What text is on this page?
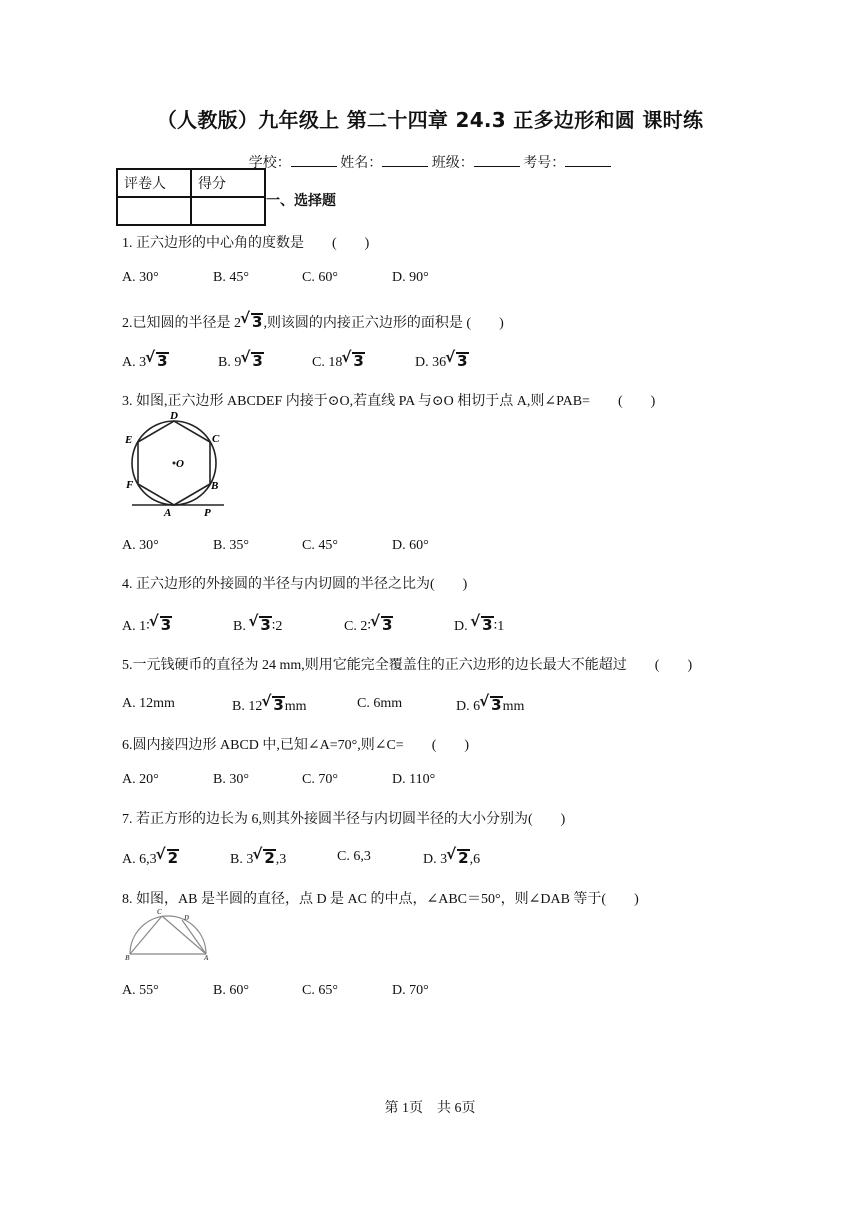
（人教版）九年级上 第二十四章 24.3 正多边形和圆 课时练
学校：	姓名：	班级：	考号：
评卷人	得分

一、选择题
1. 正六边形的中心角的度数是　　(　　)
A. 30°	B. 45°	C. 60°	D. 90°
2.已知圆的半径是 2 √ 3,则该圆的内接正六边形的面积是 (　　)
A. 3 √ 3	B. 9 √ 3	C. 18 √ 3	D. 36 √ 3
3. 如图,正六边形 ABCDEF 内接于⊙O,若直线 PA 与⊙O 相切于点 A,则∠PAB=　　(　　)
D
E	C
O
F	B
A	P
A. 30°	B. 35°	C. 45°	D. 60°
4. 正六边形的外接圆的半径与内切圆的半径之比为(　　)
A. 1∶ √ 3	B. √ 3∶2	C. 2∶ √ 3	D. √ 3∶1
5.一元钱硬币的直径为 24 mm,则用它能完全覆盖住的正六边形的边长最大不能超过　　(　　)
A. 12mm	B. 12 √ 3mm	C. 6mm	D. 6 √ 3mm
6.圆内接四边形 ABCD 中,已知∠A=70°,则∠C=　　(　　)
A. 20°	B. 30°	C. 70°	D. 110°
7. 若正方形的边长为 6,则其外接圆半径与内切圆半径的大小分别为(　　)
A. 6,3 √ 2	B. 3 √ 2,3	C. 6,3	D. 3 √ 2,6
8. 如图，AB 是半圆的直径，点 D 是 AC 的中点，∠ABC＝50°，则∠DAB 等于(　　)
C
D
B	A
A. 55°	B. 60°	C. 65°	D. 70°
第 1页　共 6页
